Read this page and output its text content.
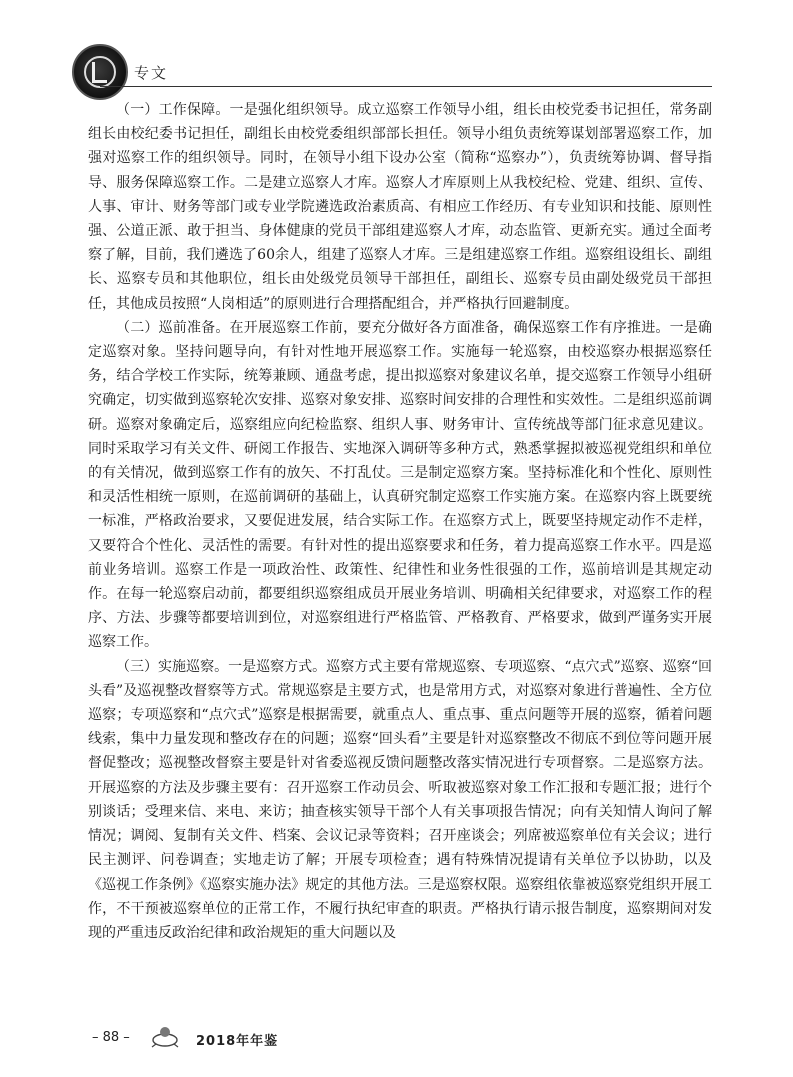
专文

（一）工作保障。一是强化组织领导。成立巡察工作领导小组，组长由校党委书记担任，常务副组长由校纪委书记担任，副组长由校党委组织部部长担任。领导小组负责统筹谋划部署巡察工作，加强对巡察工作的组织领导。同时，在领导小组下设办公室（简称“巡察办”），负责统筹协调、督导指导、服务保障巡察工作。二是建立巡察人才库。巡察人才库原则上从我校纪检、党建、组织、宣传、人事、审计、财务等部门或专业学院遴选政治素质高、有相应工作经历、有专业知识和技能、原则性强、公道正派、敢于担当、身体健康的党员干部组建巡察人才库，动态监管、更新充实。通过全面考察了解，目前，我们遴选了60余人，组建了巡察人才库。三是组建巡察工作组。巡察组设组长、副组长、巡察专员和其他职位，组长由处级党员领导干部担任，副组长、巡察专员由副处级党员干部担任，其他成员按照“人岗相适”的原则进行合理搭配组合，并严格执行回避制度。

（二）巡前准备。在开展巡察工作前，要充分做好各方面准备，确保巡察工作有序推进。一是确定巡察对象。坚持问题导向，有针对性地开展巡察工作。实施每一轮巡察，由校巡察办根据巡察任务，结合学校工作实际，统筹兼顾、通盘考虑，提出拟巡察对象建议名单，提交巡察工作领导小组研究确定，切实做到巡察轮次安排、巡察对象安排、巡察时间安排的合理性和实效性。二是组织巡前调研。巡察对象确定后，巡察组应向纪检监察、组织人事、财务审计、宣传统战等部门征求意见建议。同时采取学习有关文件、研阅工作报告、实地深入调研等多种方式，熟悉掌握拟被巡视党组织和单位的有关情况，做到巡察工作有的放矢、不打乱仗。三是制定巡察方案。坚持标准化和个性化、原则性和灵活性相统一原则，在巡前调研的基础上，认真研究制定巡察工作实施方案。在巡察内容上既要统一标准，严格政治要求，又要促进发展，结合实际工作。在巡察方式上，既要坚持规定动作不走样，又要符合个性化、灵活性的需要。有针对性的提出巡察要求和任务，着力提高巡察工作水平。四是巡前业务培训。巡察工作是一项政治性、政策性、纪律性和业务性很强的工作，巡前培训是其规定动作。在每一轮巡察启动前，都要组织巡察组成员开展业务培训、明确相关纪律要求，对巡察工作的程序、方法、步骤等都要培训到位，对巡察组进行严格监管、严格教育、严格要求，做到严谨务实开展巡察工作。

（三）实施巡察。一是巡察方式。巡察方式主要有常规巡察、专项巡察、“点穴式”巡察、巡察“回头看”及巡视整改督察等方式。常规巡察是主要方式，也是常用方式，对巡察对象进行普遍性、全方位巡察；专项巡察和“点穴式”巡察是根据需要，就重点人、重点事、重点问题等开展的巡察，循着问题线索，集中力量发现和整改存在的问题；巡察“回头看”主要是针对巡察整改不彻底不到位等问题开展督促整改；巡视整改督察主要是针对省委巡视反馈问题整改落实情况进行专项督察。二是巡察方法。开展巡察的方法及步骤主要有：召开巡察工作动员会、听取被巡察对象工作汇报和专题汇报；进行个别谈话；受理来信、来电、来访；抽查核实领导干部个人有关事项报告情况；向有关知情人询问了解情况；调阅、复制有关文件、档案、会议记录等资料；召开座谈会；列席被巡察单位有关会议；进行民主测评、问卷调查；实地走访了解；开展专项检查；遇有特殊情况提请有关单位予以协助，以及《巡视工作条例》《巡察实施办法》规定的其他方法。三是巡察权限。巡察组依靠被巡察党组织开展工作，不干预被巡察单位的正常工作，不履行执纪审查的职责。严格执行请示报告制度，巡察期间对发现的严重违反政治纪律和政治规矩的重大问题以及

– 88 –	2018年年鉴
